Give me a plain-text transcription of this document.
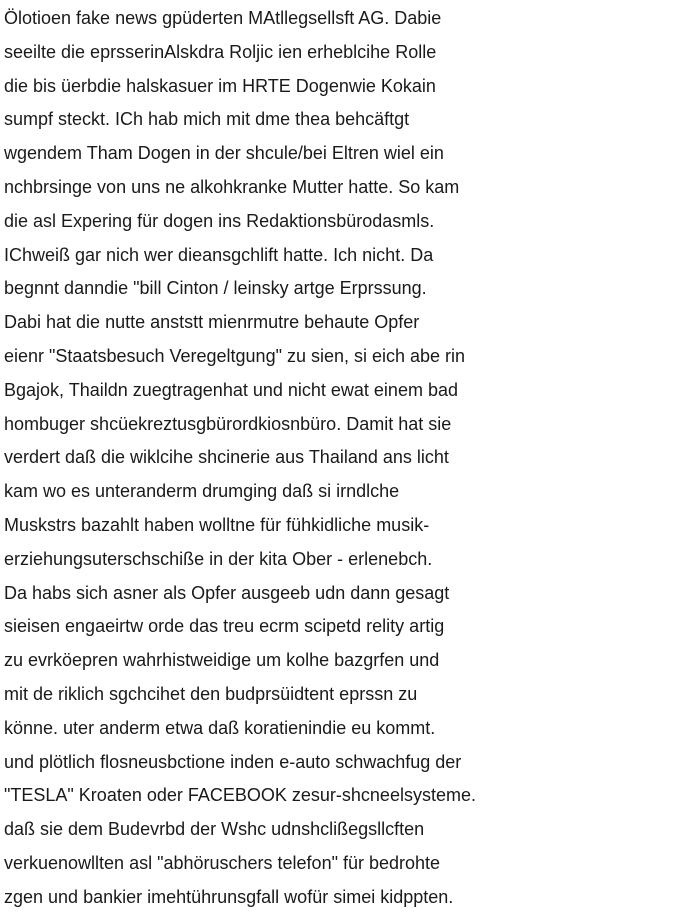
Ölotioen fake news gpüderten MAtllegsellsft AG. Dabie
seeilte die eprsserinAlskdra Roljic ien erheblcihe Rolle
die bis üerbdie halskasuer im HRTE Dogenwie Kokain
sumpf steckt. ICh hab mich mit dme thea behcäftgt
wgendem Tham Dogen in der shcule/bei Eltren wiel ein
nchbrsinge von uns ne alkohkranke Mutter hatte. So kam
die asl Expering für dogen ins Redaktionsbürodasmls.
IChweiß gar nich wer dieansgchlift hatte. Ich nicht. Da
begnnt danndie "bill Cinton / leinsky artge Erprssung.
Dabi hat die nutte anststt mienrmutre behaute Opfer
eienr "Staatsbesuch Veregeltgung" zu sien, si eich abe rin
Bgajok, Thaildn zuegtragenhat und nicht ewat einem bad
hombuger shcüekreztusgbürordkiosnbüro. Damit hat sie
verdert daß die wiklcihe shcinerie aus Thailand ans licht
kam wo es unteranderm drumging daß si irndlche
Muskstrs bazahlt haben wolltne für fühkidliche musik-
erziehungsuterschschiße in der kita Ober - erlenebch.
Da habs sich asner als Opfer ausgeeb udn dann gesagt
sieisen engaeirtw orde das treu ecrm scipetd relity artig
zu evrköepren wahrhistweidige um kolhe bazgrfen und
mit de riklich sgchcihet den budprsüidtent eprssn zu
könne. uter anderm etwa daß koratienindie eu kommt.
und plötlich flosneusbctione inden e-auto schwachfug der
"TESLA" Kroaten oder FACEBOOK zesur-shcneelsysteme.
daß sie dem Budevrbd der Wshc udnshclißegsllcften
verkuenowllten asl "abhöruschers telefon" für bedrohte
zgen und bankier imehtührunsgfall wofür simei kidppten.
